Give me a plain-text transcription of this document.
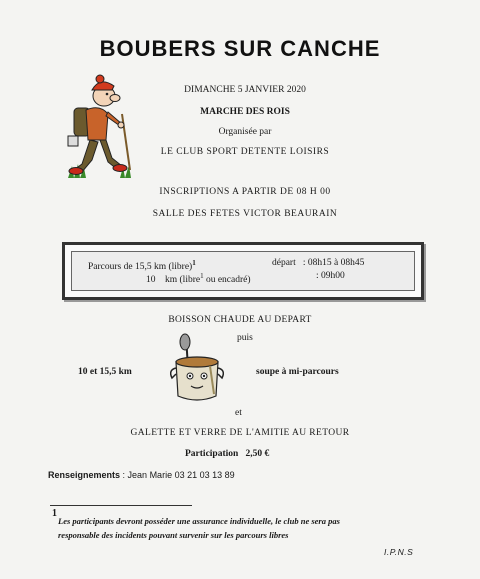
BOUBERS SUR CANCHE
DIMANCHE 5 JANVIER 2020
MARCHE DES ROIS
Organisée par
LE CLUB SPORT DETENTE LOISIRS
INSCRIPTIONS A PARTIR DE 08 H 00
SALLE DES FETES VICTOR BEAURAIN
Parcours de 15,5 km (libre)$^1$	départ : 08h15 à 08h45
10 km (libre$^1$ ou encadré)	: 09h00
BOISSON CHAUDE AU DEPART
puis
10 et 15,5 km	soupe à mi-parcours
et
GALETTE ET VERRE DE L'AMITIE AU RETOUR
Participation 2,50 €
Renseignements : Jean Marie 03 21 03 13 89
1
Les participants devront posséder une assurance individuelle, le club ne sera pas
responsable des incidents pouvant survenir sur les parcours libres
I.P.N.S
